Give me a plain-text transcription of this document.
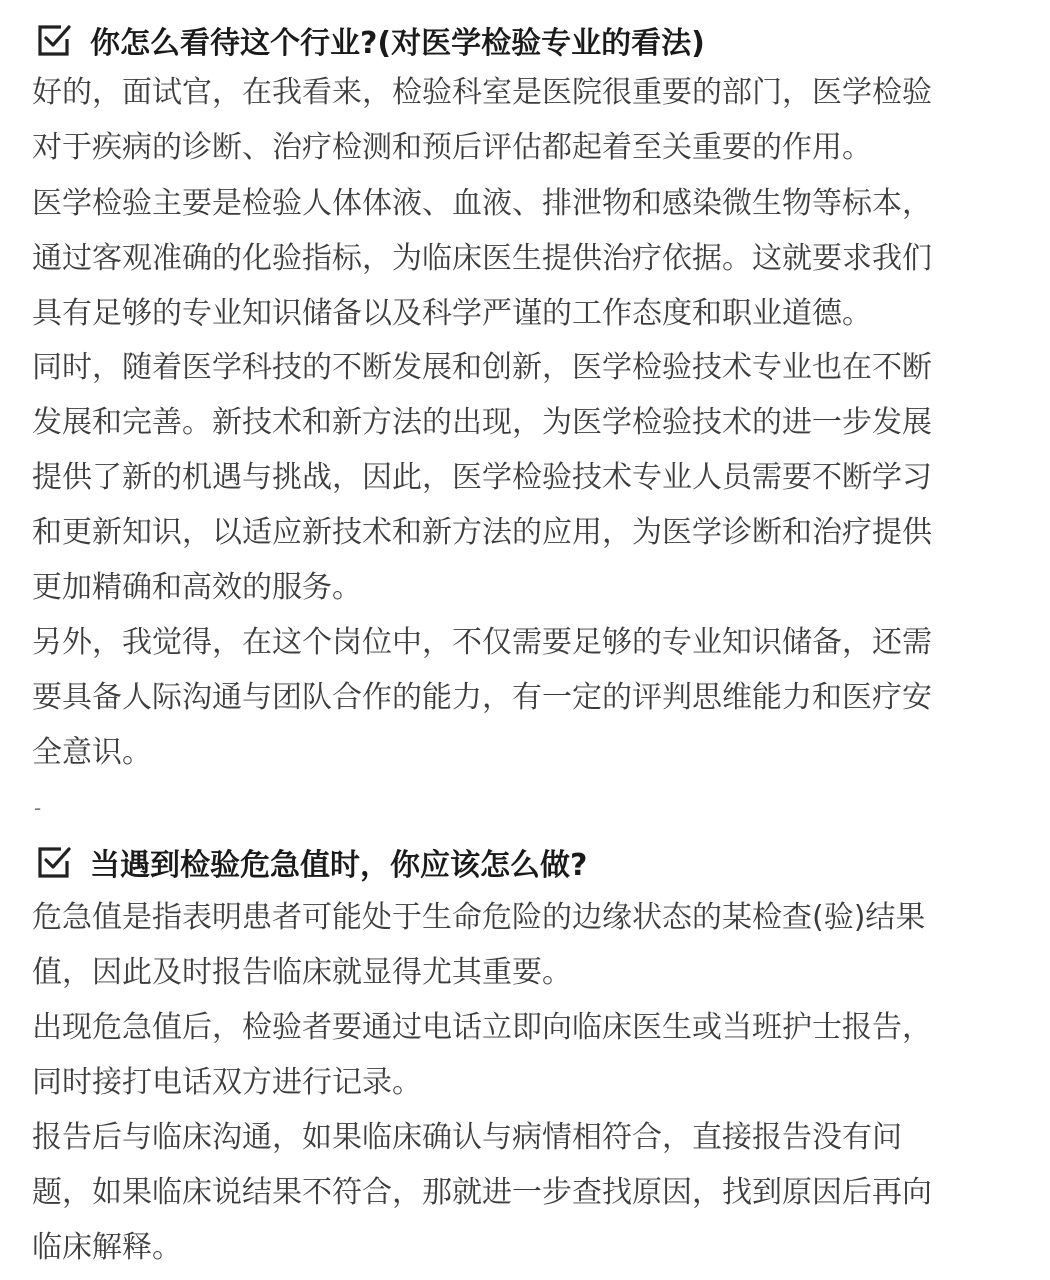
你怎么看待这个行业?(对医学检验专业的看法)
好的，面试官，在我看来，检验科室是医院很重要的部门，医学检验
对于疾病的诊断、治疗检测和预后评估都起着至关重要的作用。
医学检验主要是检验人体体液、血液、排泄物和感染微生物等标本，
通过客观准确的化验指标，为临床医生提供治疗依据。这就要求我们
具有足够的专业知识储备以及科学严谨的工作态度和职业道德。
同时，随着医学科技的不断发展和创新，医学检验技术专业也在不断
发展和完善。新技术和新方法的出现，为医学检验技术的进一步发展
提供了新的机遇与挑战，因此，医学检验技术专业人员需要不断学习
和更新知识，以适应新技术和新方法的应用，为医学诊断和治疗提供
更加精确和高效的服务。
另外，我觉得，在这个岗位中，不仅需要足够的专业知识储备，还需
要具备人际沟通与团队合作的能力，有一定的评判思维能力和医疗安
全意识。
-
当遇到检验危急值时，你应该怎么做?
危急值是指表明患者可能处于生命危险的边缘状态的某检查(验)结果
值，因此及时报告临床就显得尤其重要。
出现危急值后，检验者要通过电话立即向临床医生或当班护士报告，
同时接打电话双方进行记录。
报告后与临床沟通，如果临床确认与病情相符合，直接报告没有问
题，如果临床说结果不符合，那就进一步查找原因，找到原因后再向
临床解释。
